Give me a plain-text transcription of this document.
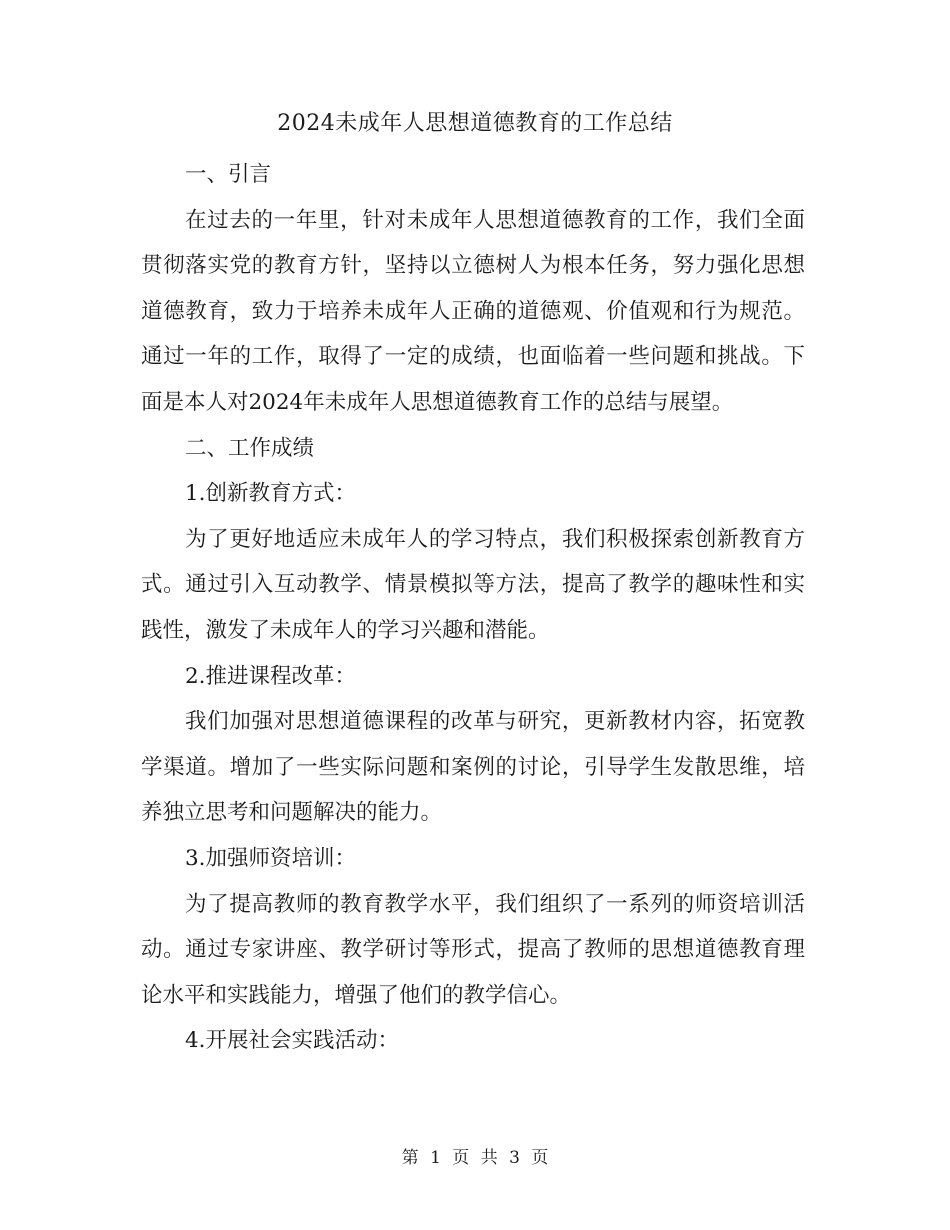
2024未成年人思想道德教育的工作总结

一、引言

在过去的一年里，针对未成年人思想道德教育的工作，我们全面贯彻落实党的教育方针，坚持以立德树人为根本任务，努力强化思想道德教育，致力于培养未成年人正确的道德观、价值观和行为规范。通过一年的工作，取得了一定的成绩，也面临着一些问题和挑战。下面是本人对2024年未成年人思想道德教育工作的总结与展望。

二、工作成绩

1.创新教育方式：

为了更好地适应未成年人的学习特点，我们积极探索创新教育方式。通过引入互动教学、情景模拟等方法，提高了教学的趣味性和实践性，激发了未成年人的学习兴趣和潜能。

2.推进课程改革：

我们加强对思想道德课程的改革与研究，更新教材内容，拓宽教学渠道。增加了一些实际问题和案例的讨论，引导学生发散思维，培养独立思考和问题解决的能力。

3.加强师资培训：

为了提高教师的教育教学水平，我们组织了一系列的师资培训活动。通过专家讲座、教学研讨等形式，提高了教师的思想道德教育理论水平和实践能力，增强了他们的教学信心。

4.开展社会实践活动：

第 1 页 共 3 页
